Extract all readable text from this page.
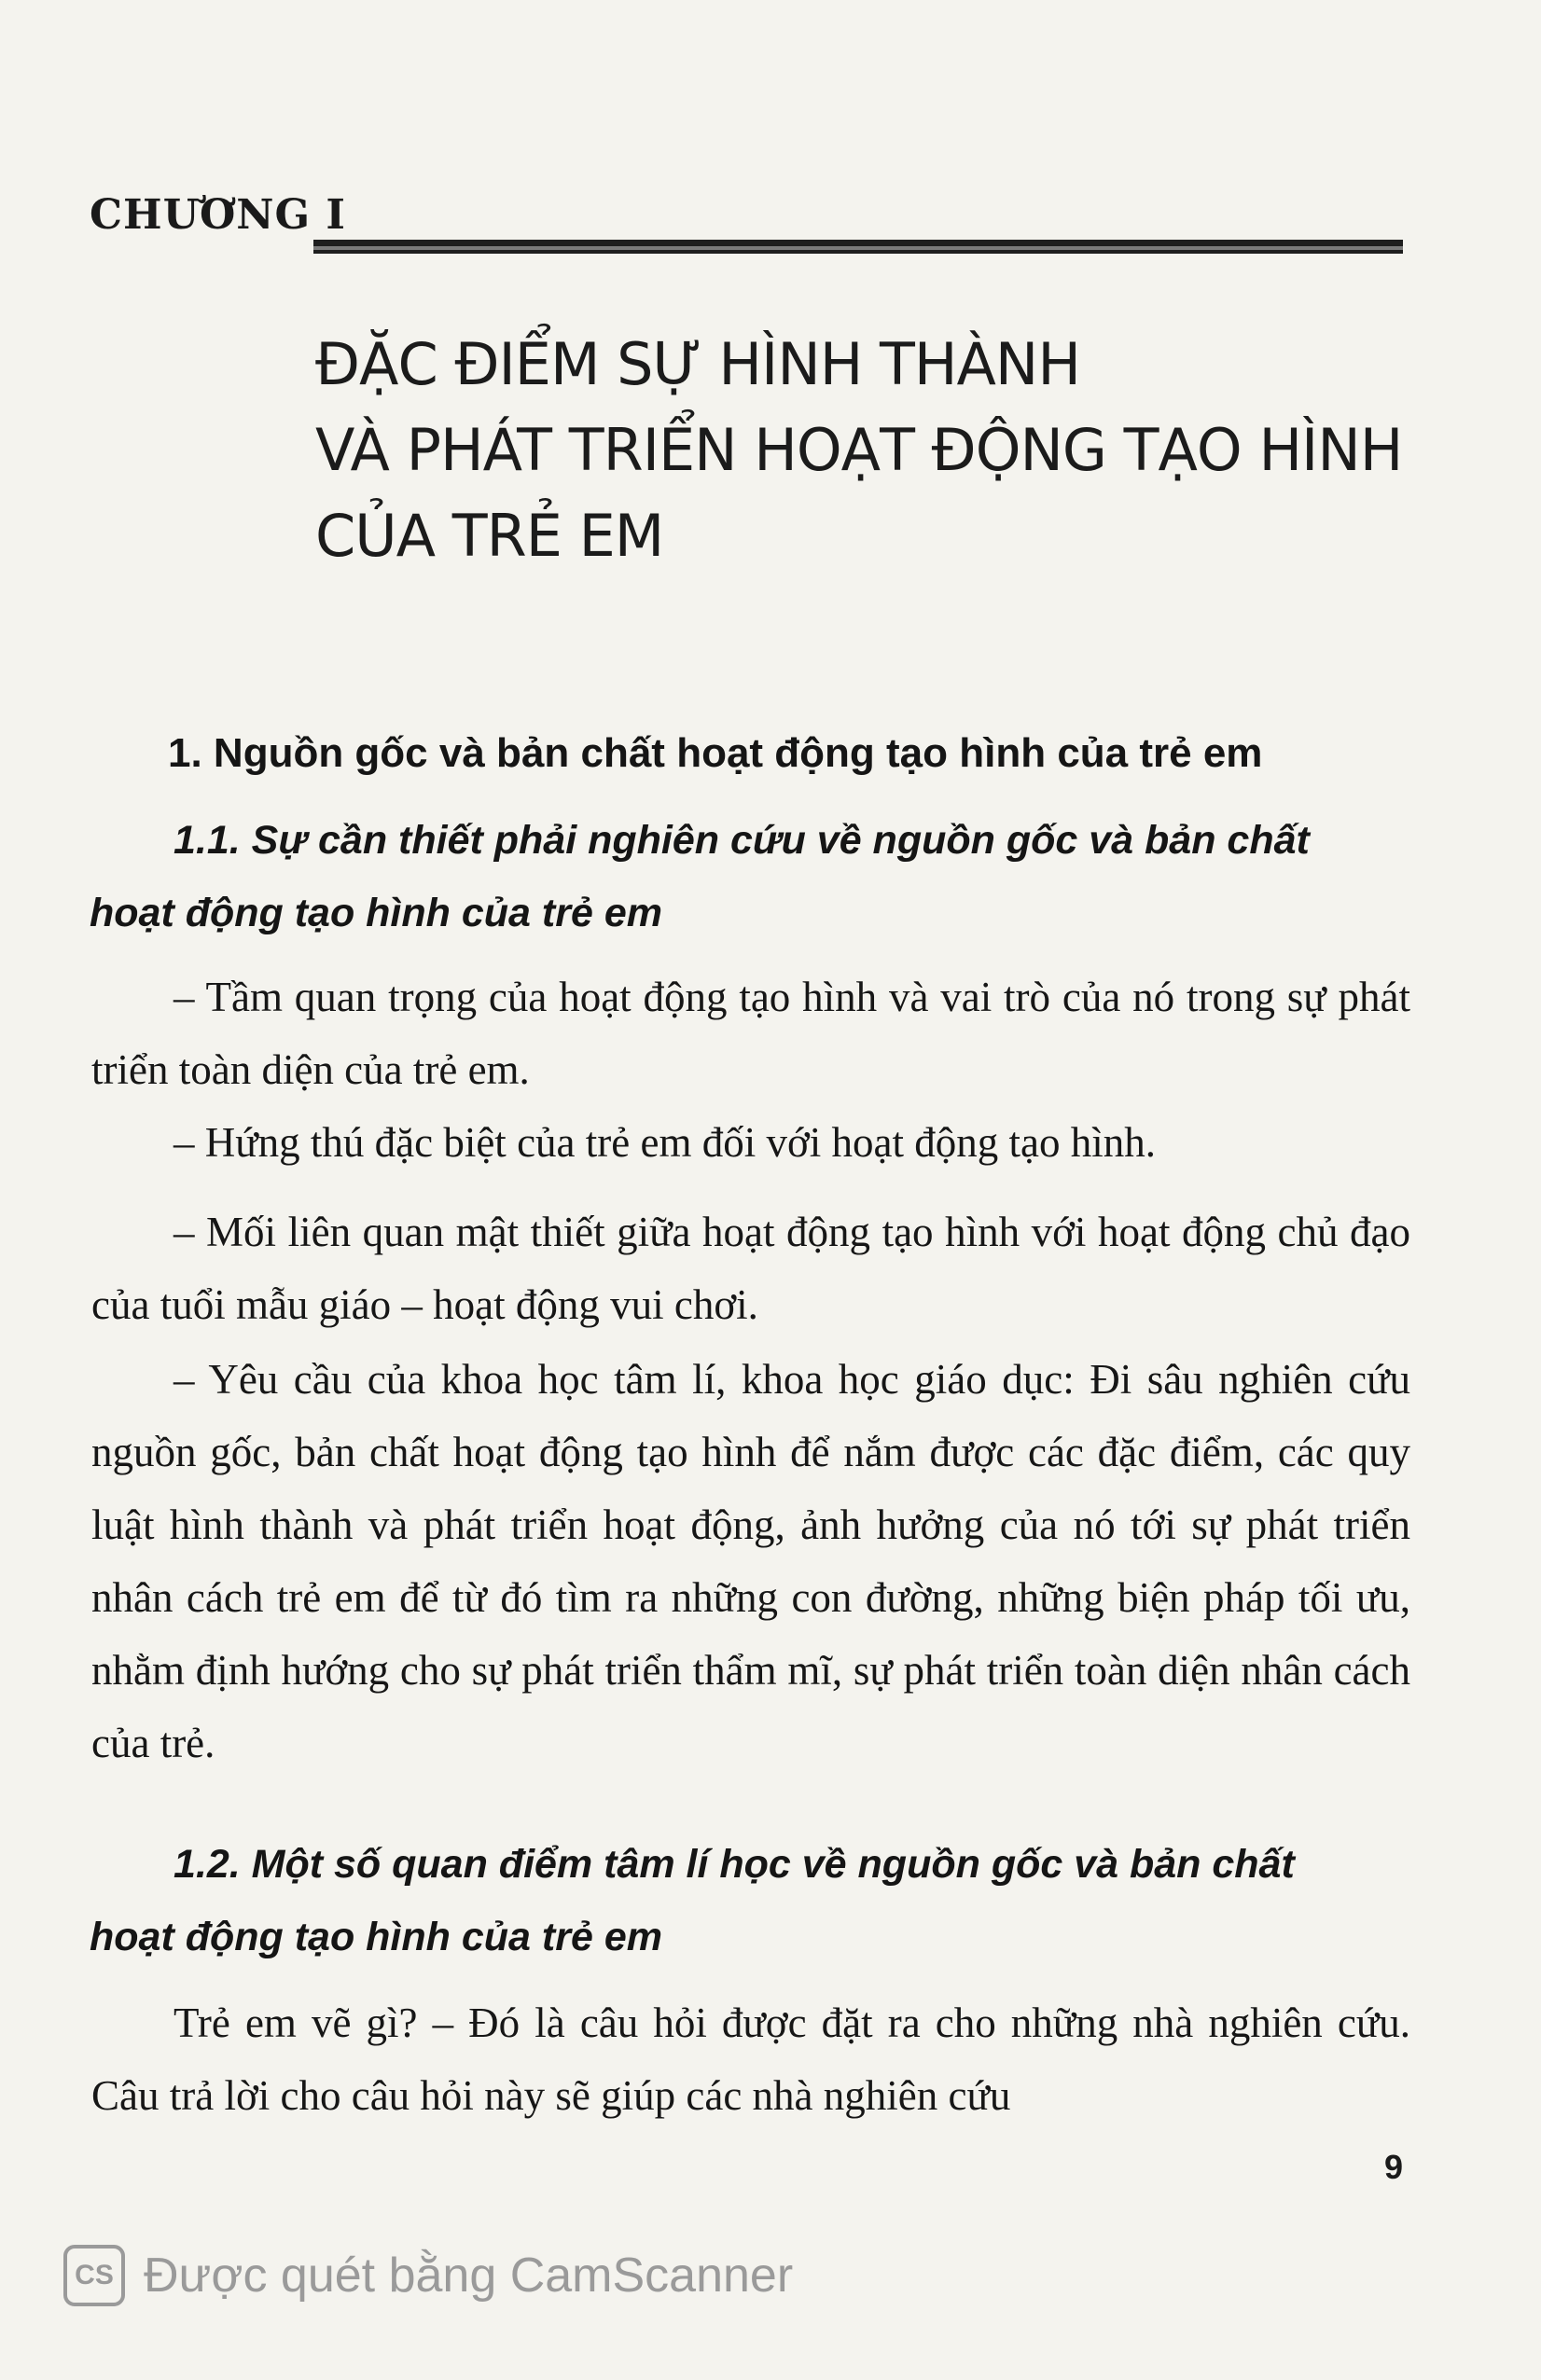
CHƯƠNG I
ĐẶC ĐIỂM SỰ HÌNH THÀNH
VÀ PHÁT TRIỂN HOẠT ĐỘNG TẠO HÌNH
CỦA TRẺ EM
1. Nguồn gốc và bản chất hoạt động tạo hình của trẻ em
1.1. Sự cần thiết phải nghiên cứu về nguồn gốc và bản chất
hoạt động tạo hình của trẻ em
– Tầm quan trọng của hoạt động tạo hình và vai trò của nó trong sự phát triển toàn diện của trẻ em.
– Hứng thú đặc biệt của trẻ em đối với hoạt động tạo hình.
– Mối liên quan mật thiết giữa hoạt động tạo hình với hoạt động chủ đạo của tuổi mẫu giáo – hoạt động vui chơi.
– Yêu cầu của khoa học tâm lí, khoa học giáo dục: Đi sâu nghiên cứu nguồn gốc, bản chất hoạt động tạo hình để nắm được các đặc điểm, các quy luật hình thành và phát triển hoạt động, ảnh hưởng của nó tới sự phát triển nhân cách trẻ em để từ đó tìm ra những con đường, những biện pháp tối ưu, nhằm định hướng cho sự phát triển thẩm mĩ, sự phát triển toàn diện nhân cách của trẻ.
1.2. Một số quan điểm tâm lí học về nguồn gốc và bản chất
hoạt động tạo hình của trẻ em
Trẻ em vẽ gì? – Đó là câu hỏi được đặt ra cho những nhà nghiên cứu. Câu trả lời cho câu hỏi này sẽ giúp các nhà nghiên cứu
9
CS Được quét bằng CamScanner
